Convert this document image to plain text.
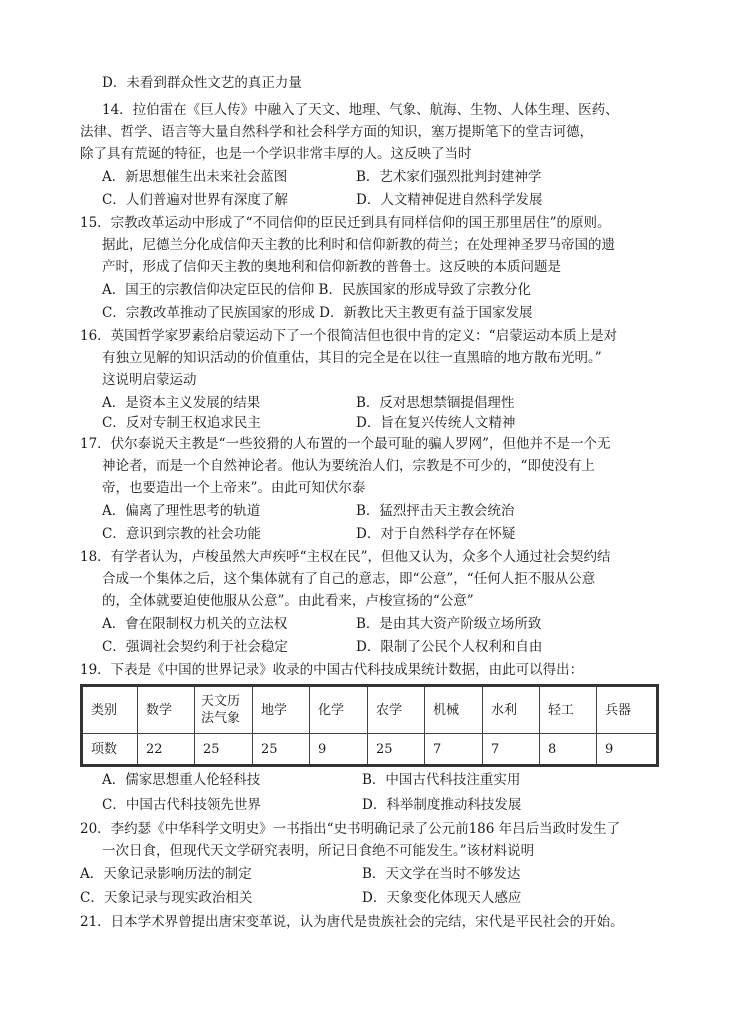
D．未看到群众性文艺的真正力量
14．拉伯雷在《巨人传》中融入了天文、地理、气象、航海、生物、人体生理、医药、
法律、哲学、语言等大量自然科学和社会科学方面的知识，塞万提斯笔下的堂吉诃德，
除了具有荒诞的特征，也是一个学识非常丰厚的人。这反映了当时
A．新思想催生出未来社会蓝图	B．艺术家们强烈批判封建神学
C．人们普遍对世界有深度了解	D．人文精神促进自然科学发展
15．宗教改革运动中形成了“不同信仰的臣民迁到具有同样信仰的国王那里居住”的原则。
据此，尼德兰分化成信仰天主教的比利时和信仰新教的荷兰；在处理神圣罗马帝国的遗
产时，形成了信仰天主教的奥地利和信仰新教的普鲁士。这反映的本质问题是
A．国王的宗教信仰决定臣民的信仰 B．民族国家的形成导致了宗教分化
C．宗教改革推动了民族国家的形成 D．新教比天主教更有益于国家发展
16．英国哲学家罗素给启蒙运动下了一个很简洁但也很中肯的定义：“启蒙运动本质上是对
有独立见解的知识活动的价值重估，其目的完全是在以往一直黑暗的地方散布光明。”
这说明启蒙运动
A．是资本主义发展的结果	B．反对思想禁锢提倡理性
C．反对专制王权追求民主	D．旨在复兴传统人文精神
17．伏尔泰说天主教是“一些狡猾的人布置的一个最可耻的骗人罗网”，但他并不是一个无
神论者，而是一个自然神论者。他认为要统治人们，宗教是不可少的，“即使没有上
帝，也要造出一个上帝来”。由此可知伏尔泰
A．偏离了理性思考的轨道	B．猛烈抨击天主教会统治
C．意识到宗教的社会功能	D．对于自然科学存在怀疑
18．有学者认为，卢梭虽然大声疾呼“主权在民”，但他又认为，众多个人通过社会契约结
合成一个集体之后，这个集体就有了自己的意志，即“公意”，“任何人拒不服从公意
的，全体就要迫使他服从公意”。由此看来，卢梭宣扬的“公意”
A．會在限制权力机关的立法权	B．是由其大资产阶级立场所致
C．强调社会契约利于社会稳定	D．限制了公民个人权利和自由
19．下表是《中国的世界记录》收录的中国古代科技成果统计数据，由此可以得出：
类别	数学	天文历法气象	地学	化学	农学	机械	水利	轻工	兵器
项数	22	25	25	9	25	7	7	8	9
A．儒家思想重人伦轻科技	B．中国古代科技注重实用
C．中国古代科技领先世界	D．科举制度推动科技发展
20．李约瑟《中华科学文明史》一书指出“史书明确记录了公元前186 年吕后当政时发生了
一次日食，但现代天文学研究表明，所记日食绝不可能发生。”该材料说明
A．天象记录影响历法的制定	B．天文学在当时不够发达
C．天象记录与现实政治相关	D．天象变化体现天人感应
21．日本学术界曾提出唐宋变革说，认为唐代是贵族社会的完结，宋代是平民社会的开始。
